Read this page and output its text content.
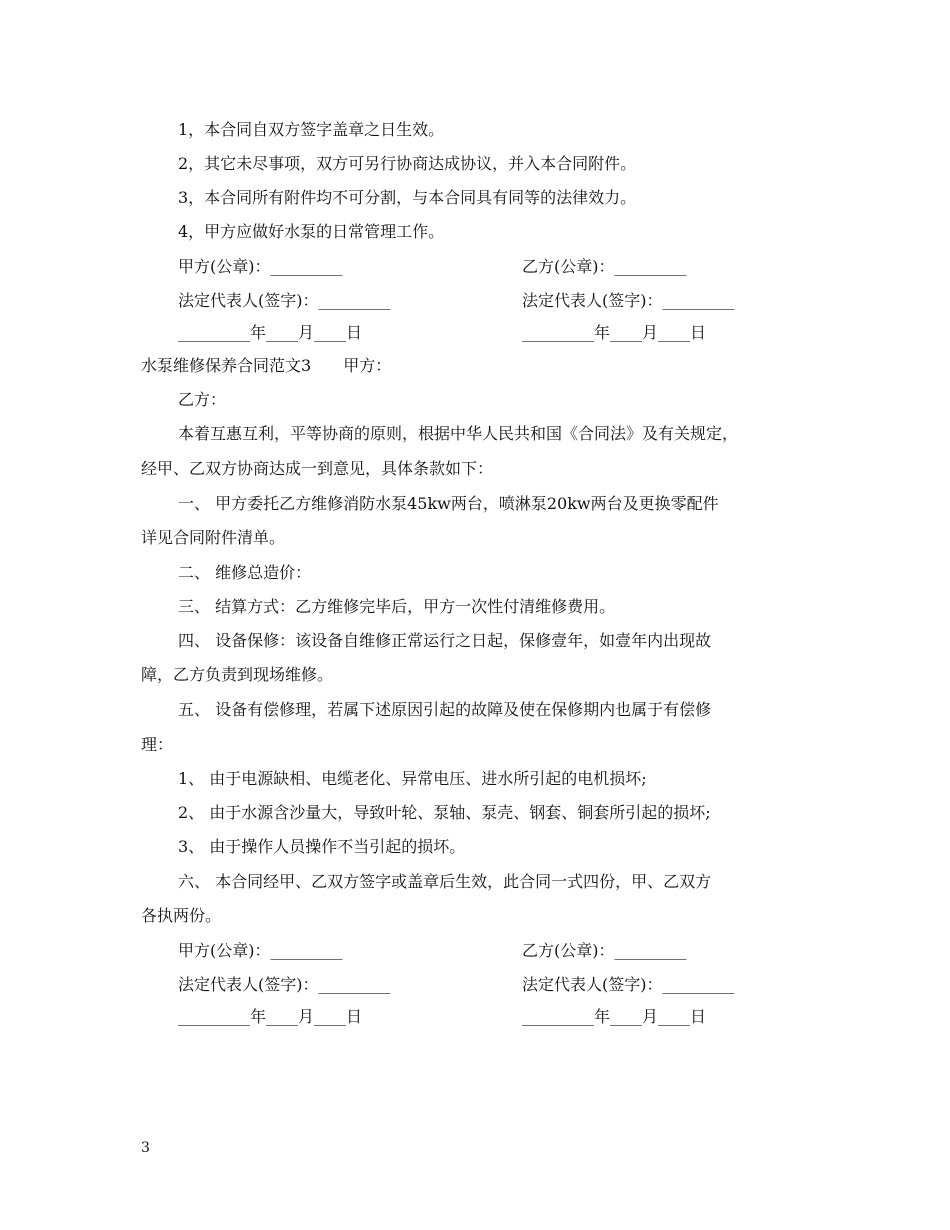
1，本合同自双方签字盖章之日生效。
2，其它未尽事项，双方可另行协商达成协议，并入本合同附件。
3，本合同所有附件均不可分割，与本合同具有同等的法律效力。
4，甲方应做好水泵的日常管理工作。
甲方(公章)：_________	乙方(公章)：_________
法定代表人(签字)：_________	法定代表人(签字)：_________
_________年____月____日	_________年____月____日
水泵维修保养合同范文3 甲方：
乙方：
本着互惠互利，平等协商的原则，根据中华人民共和国《合同法》及有关规定，
经甲、乙双方协商达成一到意见，具体条款如下：
一、 甲方委托乙方维修消防水泵45kw两台，喷淋泵20kw两台及更换零配件
详见合同附件清单。
二、 维修总造价：
三、 结算方式：乙方维修完毕后，甲方一次性付清维修费用。
四、 设备保修：该设备自维修正常运行之日起，保修壹年，如壹年内出现故
障，乙方负责到现场维修。
五、 设备有偿修理，若属下述原因引起的故障及使在保修期内也属于有偿修
理：
1、 由于电源缺相、电缆老化、异常电压、进水所引起的电机损坏;
2、 由于水源含沙量大，导致叶轮、泵轴、泵壳、钢套、铜套所引起的损坏;
3、 由于操作人员操作不当引起的损坏。
六、 本合同经甲、乙双方签字或盖章后生效，此合同一式四份，甲、乙双方
各执两份。
甲方(公章)：_________	乙方(公章)：_________
法定代表人(签字)：_________	法定代表人(签字)：_________
_________年____月____日	_________年____月____日
3
